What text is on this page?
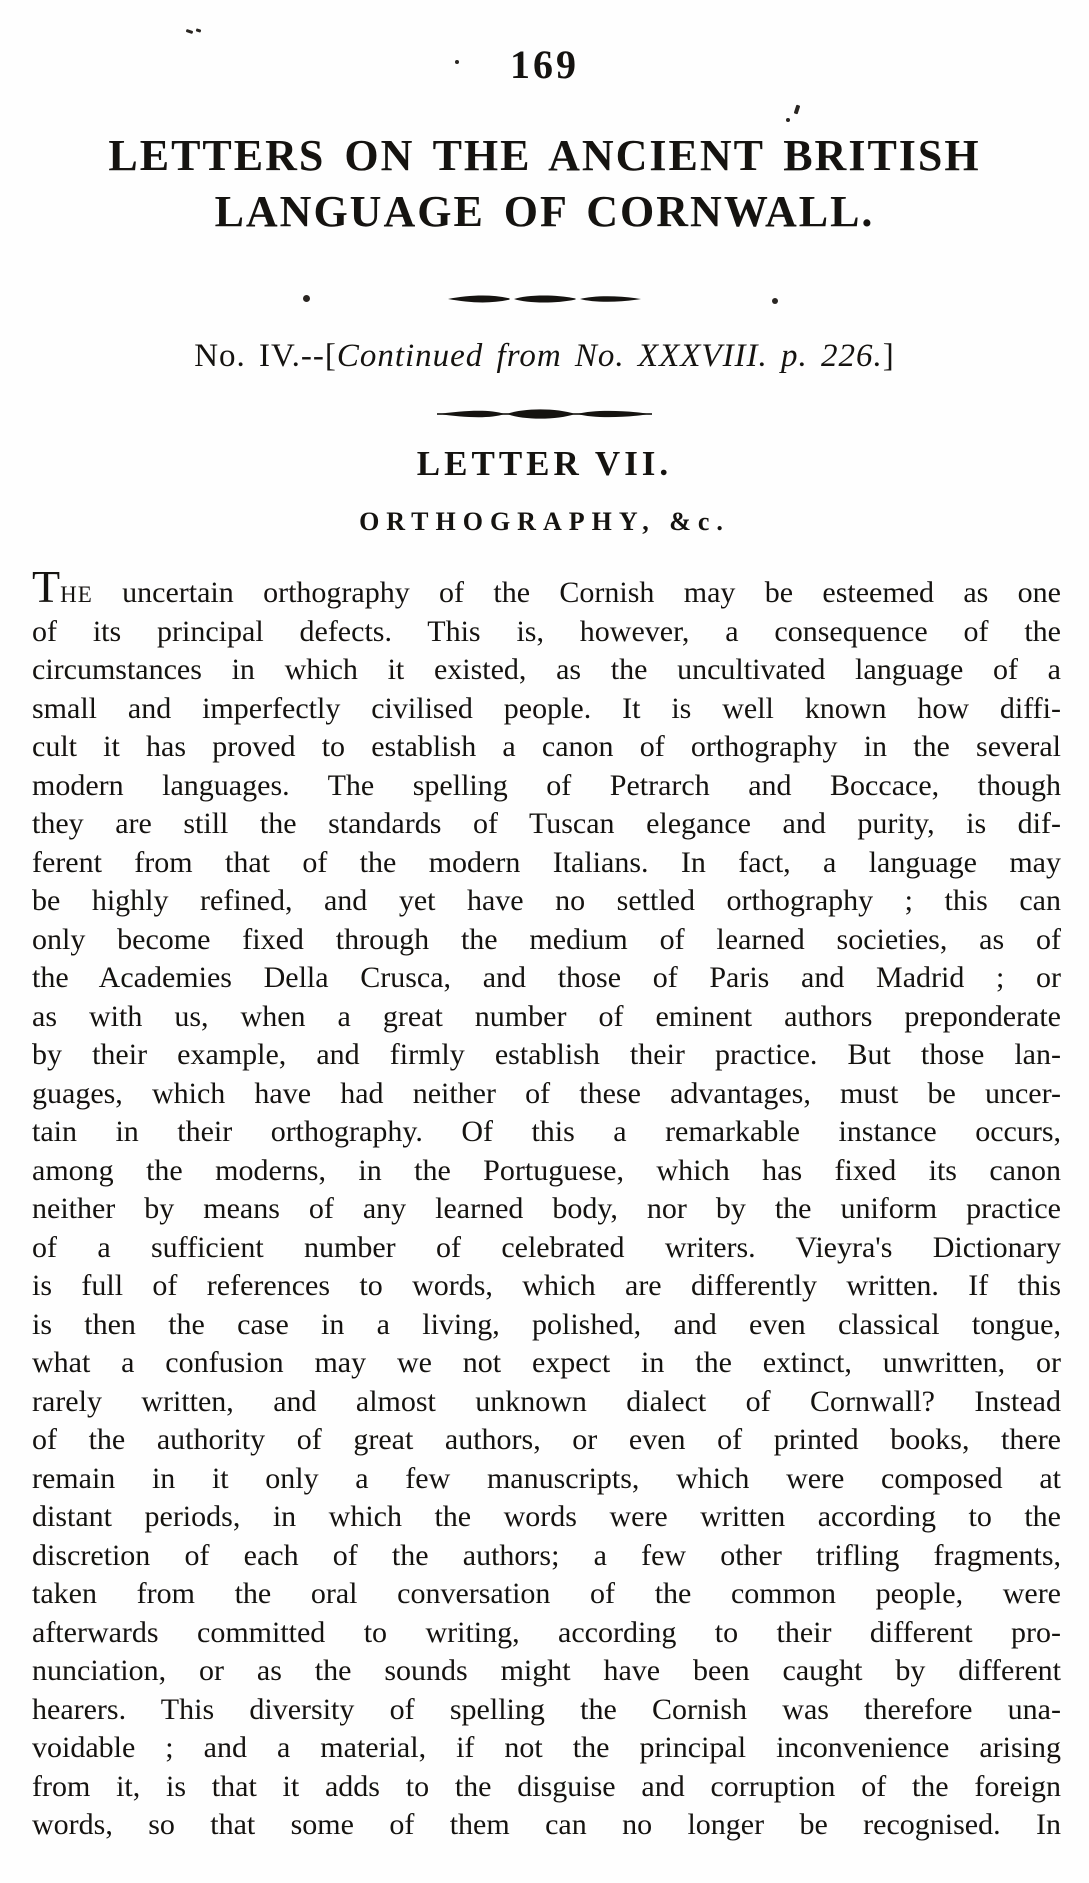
169
LETTERS ON THE ANCIENT BRITISH
LANGUAGE OF CORNWALL.
No. IV.--[Continued from No. XXXVIII. p. 226.]
LETTER VII.
ORTHOGRAPHY, &c.
THE uncertain orthography of the Cornish may be esteemed as one
of its principal defects. This is, however, a consequence of the
circumstances in which it existed, as the uncultivated language of a
small and imperfectly civilised people. It is well known how diffi-
cult it has proved to establish a canon of orthography in the several
modern languages. The spelling of Petrarch and Boccace, though
they are still the standards of Tuscan elegance and purity, is dif-
ferent from that of the modern Italians. In fact, a language may
be highly refined, and yet have no settled orthography ; this can
only become fixed through the medium of learned societies, as of
the Academies Della Crusca, and those of Paris and Madrid ; or
as with us, when a great number of eminent authors preponderate
by their example, and firmly establish their practice. But those lan-
guages, which have had neither of these advantages, must be uncer-
tain in their orthography. Of this a remarkable instance occurs,
among the moderns, in the Portuguese, which has fixed its canon
neither by means of any learned body, nor by the uniform practice
of a sufficient number of celebrated writers. Vieyra's Dictionary
is full of references to words, which are differently written. If this
is then the case in a living, polished, and even classical tongue,
what a confusion may we not expect in the extinct, unwritten, or
rarely written, and almost unknown dialect of Cornwall? Instead
of the authority of great authors, or even of printed books, there
remain in it only a few manuscripts, which were composed at
distant periods, in which the words were written according to the
discretion of each of the authors; a few other trifling fragments,
taken from the oral conversation of the common people, were
afterwards committed to writing, according to their different pro-
nunciation, or as the sounds might have been caught by different
hearers. This diversity of spelling the Cornish was therefore una-
voidable ; and a material, if not the principal inconvenience arising
from it, is that it adds to the disguise and corruption of the foreign
words, so that some of them can no longer be recognised. In
